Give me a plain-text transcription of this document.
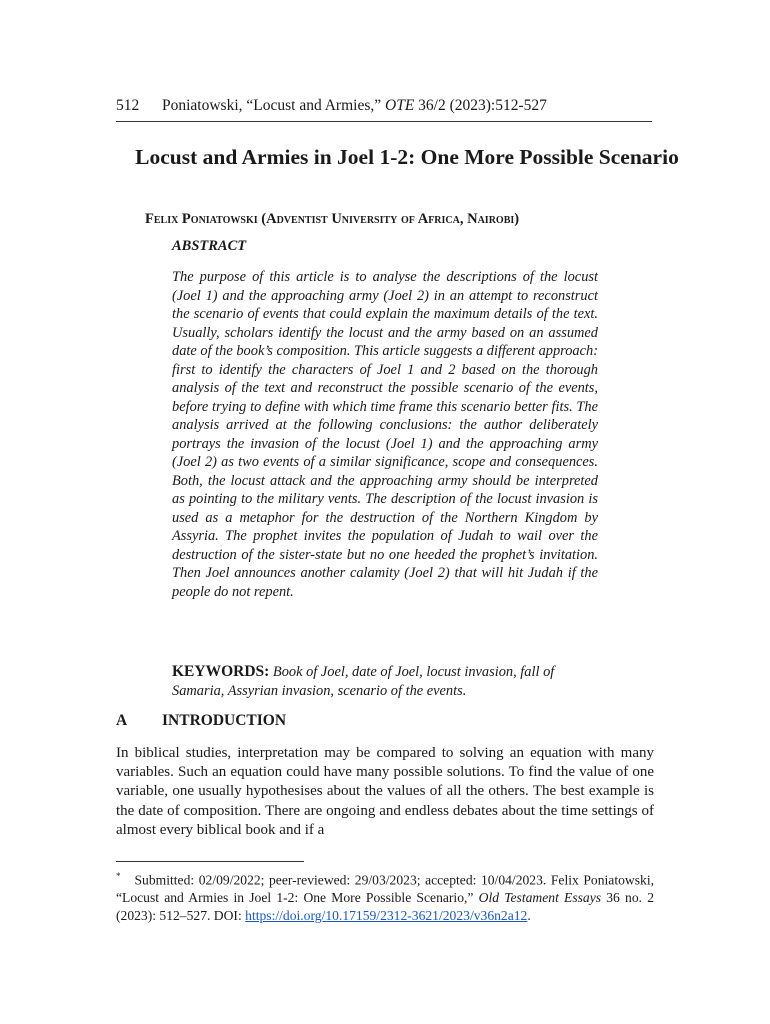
512 Poniatowski, “Locust and Armies,” OTE 36/2 (2023):512-527
Locust and Armies in Joel 1-2: One More Possible Scenario
Felix Poniatowski (Adventist University of Africa, Nairobi)
ABSTRACT

The purpose of this article is to analyse the descriptions of the locust (Joel 1) and the approaching army (Joel 2) in an attempt to reconstruct the scenario of events that could explain the maximum details of the text. Usually, scholars identify the locust and the army based on an assumed date of the book’s composition. This article suggests a different approach: first to identify the characters of Joel 1 and 2 based on the thorough analysis of the text and reconstruct the possible scenario of the events, before trying to define with which time frame this scenario better fits. The analysis arrived at the following conclusions: the author deliberately portrays the invasion of the locust (Joel 1) and the approaching army (Joel 2) as two events of a similar significance, scope and consequences. Both, the locust attack and the approaching army should be interpreted as pointing to the military vents. The description of the locust invasion is used as a metaphor for the destruction of the Northern Kingdom by Assyria. The prophet invites the population of Judah to wail over the destruction of the sister-state but no one heeded the prophet’s invitation. Then Joel announces another calamity (Joel 2) that will hit Judah if the people do not repent.

KEYWORDS: Book of Joel, date of Joel, locust invasion, fall of Samaria, Assyrian invasion, scenario of the events.

A INTRODUCTION

In biblical studies, interpretation may be compared to solving an equation with many variables. Such an equation could have many possible solutions. To find the value of one variable, one usually hypothesises about the values of all the others. The best example is the date of composition. There are ongoing and endless debates about the time settings of almost every biblical book and if a

* Submitted: 02/09/2022; peer-reviewed: 29/03/2023; accepted: 10/04/2023. Felix Poniatowski, “Locust and Armies in Joel 1-2: One More Possible Scenario,” Old Testament Essays 36 no. 2 (2023): 512–527. DOI: https://doi.org/10.17159/2312-3621/2023/v36n2a12.
